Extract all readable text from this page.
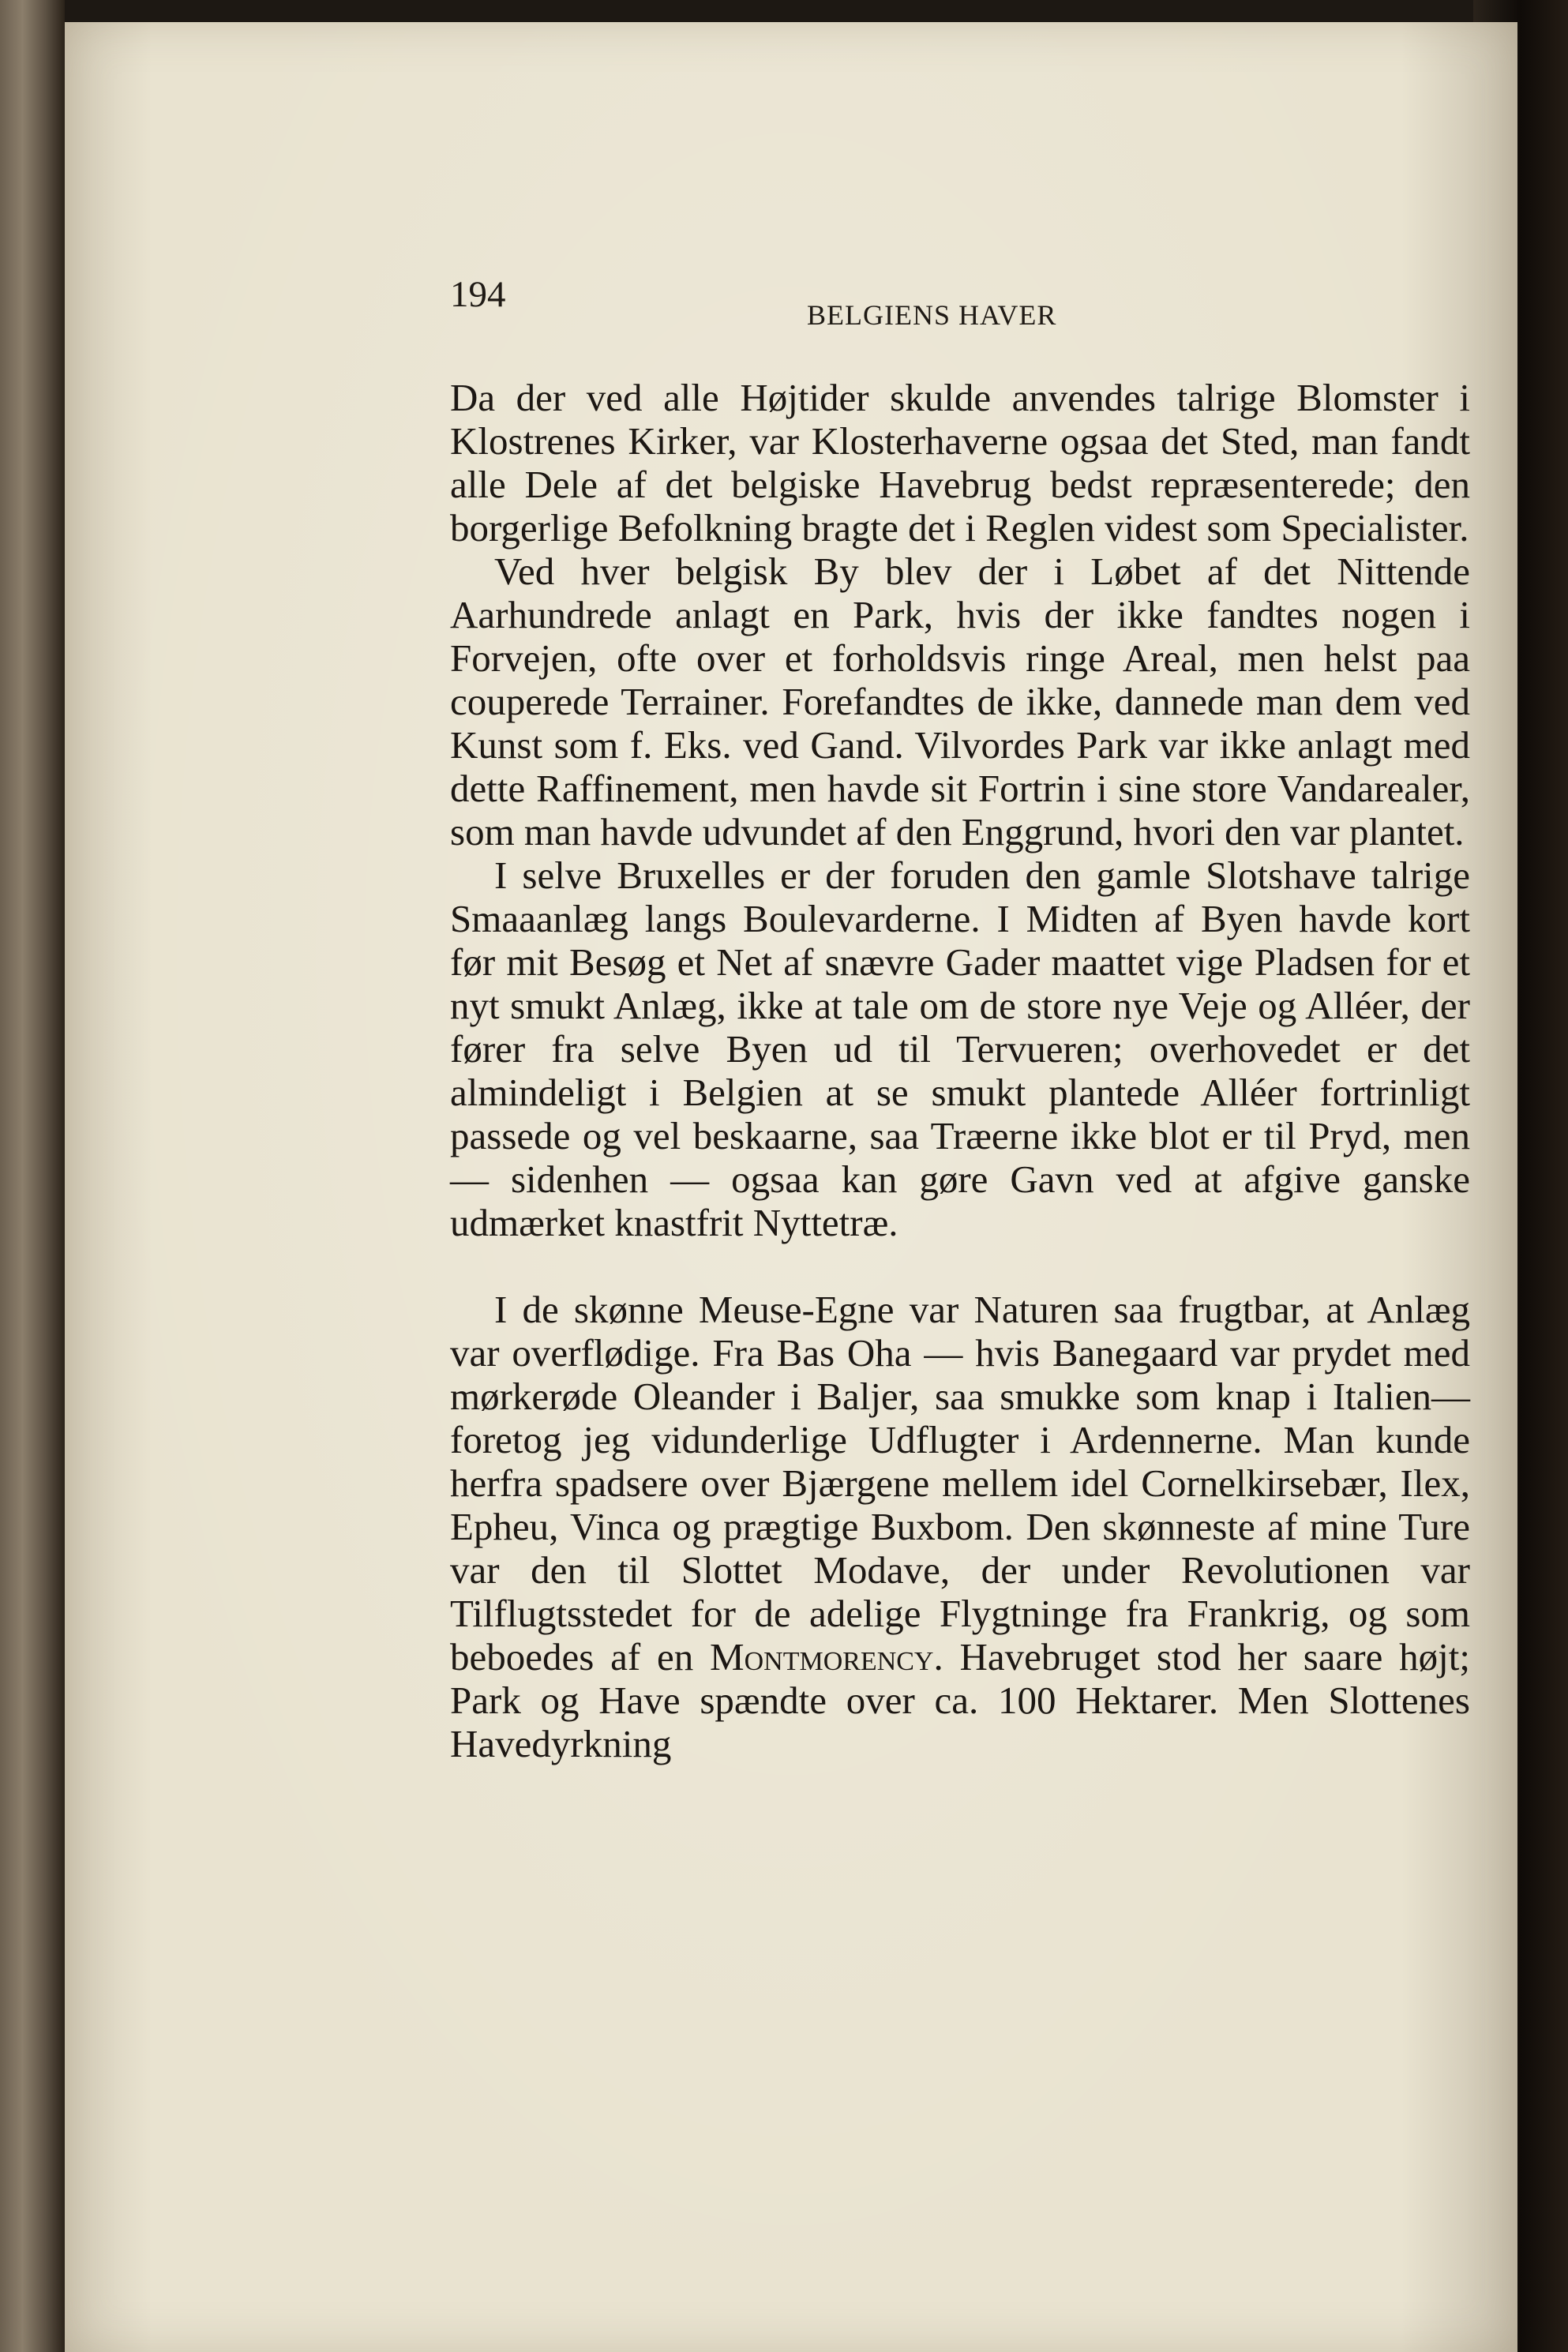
194	BELGIENS HAVER

Da der ved alle Højtider skulde anvendes talrige Blomster i Klostrenes Kirker, var Klosterhaverne ogsaa det Sted, man fandt alle Dele af det belgiske Havebrug bedst repræsenterede; den borgerlige Befolkning bragte det i Reglen videst som Specialister.

Ved hver belgisk By blev der i Løbet af det Nittende Aarhundrede anlagt en Park, hvis der ikke fandtes nogen i Forvejen, ofte over et forholdsvis ringe Areal, men helst paa couperede Terrainer. Forefandtes de ikke, dannede man dem ved Kunst som f. Eks. ved Gand. Vilvordes Park var ikke anlagt med dette Raffinement, men havde sit Fortrin i sine store Vandarealer, som man havde udvundet af den Enggrund, hvori den var plantet.

I selve Bruxelles er der foruden den gamle Slotshave talrige Smaaanlæg langs Boulevarderne. I Midten af Byen havde kort før mit Besøg et Net af snævre Gader maattet vige Pladsen for et nyt smukt Anlæg, ikke at tale om de store nye Veje og Alléer, der fører fra selve Byen ud til Tervueren; overhovedet er det almindeligt i Belgien at se smukt plantede Alléer fortrinligt passede og vel beskaarne, saa Træerne ikke blot er til Pryd, men — sidenhen — ogsaa kan gøre Gavn ved at afgive ganske udmærket knastfrit Nyttetræ.

I de skønne Meuse-Egne var Naturen saa frugtbar, at Anlæg var overflødige. Fra Bas Oha — hvis Banegaard var prydet med mørkerøde Oleander i Baljer, saa smukke som knap i Italien—foretog jeg vidunderlige Udflugter i Ardennerne. Man kunde herfra spadsere over Bjærgene mellem idel Cornelkirsebær, Ilex, Epheu, Vinca og prægtige Buxbom. Den skønneste af mine Ture var den til Slottet Modave, der under Revolutionen var Tilflugtsstedet for de adelige Flygtninge fra Frankrig, og som beboedes af en Montmorency. Havebruget stod her saare højt; Park og Have spændte over ca. 100 Hektarer. Men Slottenes Havedyrkning
